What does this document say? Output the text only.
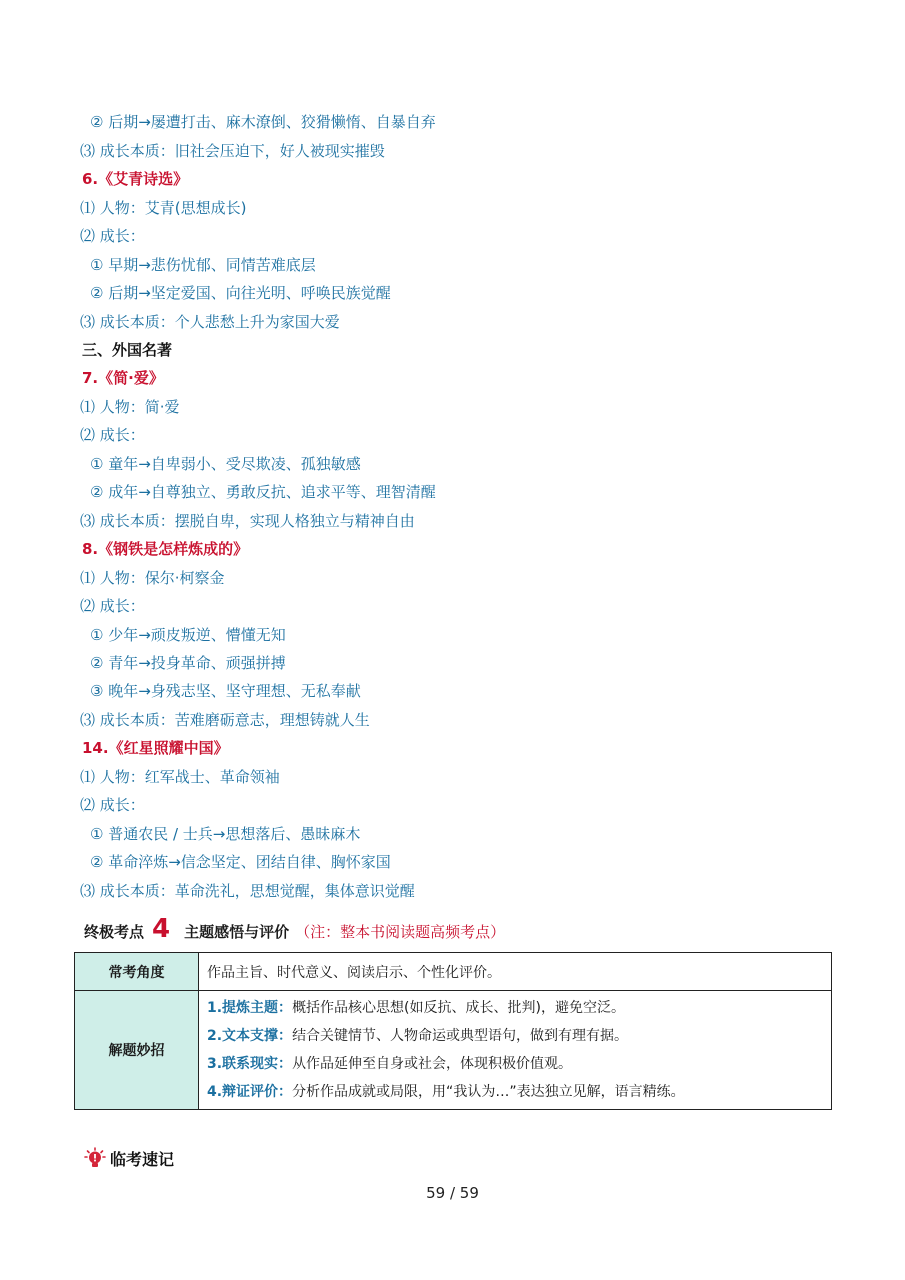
② 后期→屡遭打击、麻木潦倒、狡猾懒惰、自暴自弃
⑶ 成长本质：旧社会压迫下，好人被现实摧毁
6.《艾青诗选》
⑴ 人物：艾青(思想成长)
⑵ 成长：
① 早期→悲伤忧郁、同情苦难底层
② 后期→坚定爱国、向往光明、呼唤民族觉醒
⑶ 成长本质：个人悲愁上升为家国大爱
三、外国名著
7.《简·爱》
⑴ 人物：简·爱
⑵ 成长：
① 童年→自卑弱小、受尽欺凌、孤独敏感
② 成年→自尊独立、勇敢反抗、追求平等、理智清醒
⑶ 成长本质：摆脱自卑，实现人格独立与精神自由
8.《钢铁是怎样炼成的》
⑴ 人物：保尔·柯察金
⑵ 成长：
① 少年→顽皮叛逆、懵懂无知
② 青年→投身革命、顽强拼搏
③ 晚年→身残志坚、坚守理想、无私奉献
⑶ 成长本质：苦难磨砺意志，理想铸就人生
14.《红星照耀中国》
⑴ 人物：红军战士、革命领袖
⑵ 成长：
① 普通农民 / 士兵→思想落后、愚昧麻木
② 革命淬炼→信念坚定、团结自律、胸怀家国
⑶ 成长本质：革命洗礼，思想觉醒，集体意识觉醒
终极考点 4 主题感悟与评价 （注：整本书阅读题高频考点）
常考角度	作品主旨、时代意义、阅读启示、个性化评价。
解题妙招	1.提炼主题：概括作品核心思想(如反抗、成长、批判)，避免空泛。
2.文本支撑：结合关键情节、人物命运或典型语句，做到有理有据。
3.联系现实：从作品延伸至自身或社会，体现积极价值观。
4.辩证评价：分析作品成就或局限，用“我认为…”表达独立见解，语言精练。
临考速记
59 / 59
